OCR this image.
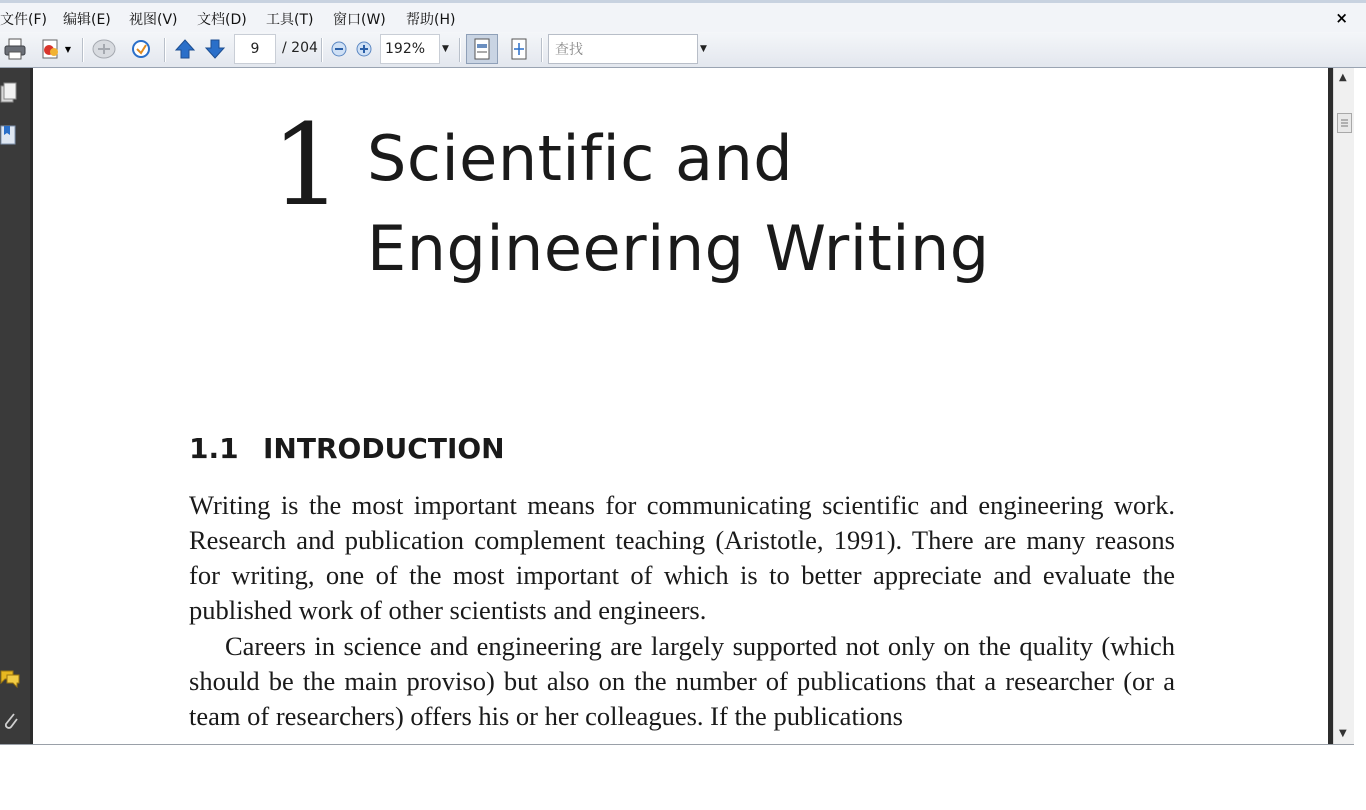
文件(F) 编辑(E) 视图(V) 文档(D) 工具(T) 窗口(W) 帮助(H)	×
▼	9	/ 204	192%	▼	查找	▼
1 Scientific and
Engineering Writing
1.1 INTRODUCTION
Writing is the most important means for communicating scientific and engineering work. Research and publication complement teaching (Aristotle, 1991). There are many reasons for writing, one of the most important of which is to better appreciate and evaluate the published work of other scientists and engineers.
Careers in science and engineering are largely supported not only on the quality (which should be the main proviso) but also on the number of publications that a researcher (or a team of researchers) offers his or her colleagues. If the publications
▲
▼
